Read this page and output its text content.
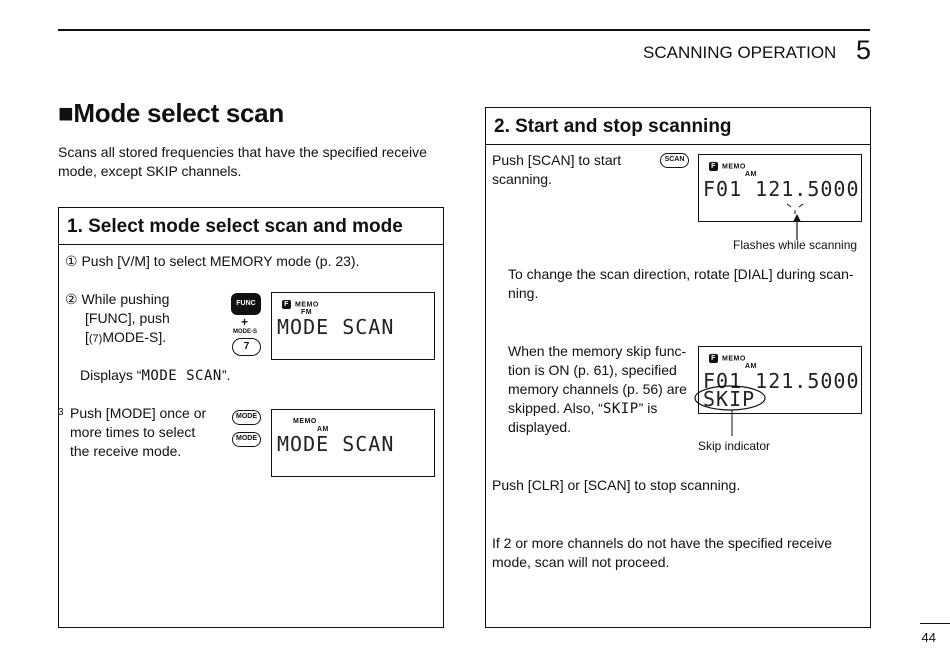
SCANNING OPERATION 5
■Mode select scan
Scans all stored frequencies that have the specified receive mode, except SKIP channels.
1. Select mode select scan and mode
① Push [V/M] to select MEMORY mode (p. 23).
② While pushing
[FUNC], push
[(7)MODE-S].
FUNC
+
MODE-S
7
F MEMO
FM
MODE SCAN
Displays “MODE SCAN”.
3 Push [MODE] once or
more times to select
the receive mode.
MODE
MODE
MEMO
AM
MODE SCAN
2. Start and stop scanning
Push [SCAN] to start
scanning.
SCAN
F MEMO
AM
F01 121.5000
Flashes while scanning
To change the scan direction, rotate [DIAL] during scan-
ning.
When the memory skip func-
tion is ON (p. 61), specified
memory channels (p. 56) are
skipped. Also, “SKIP” is
displayed.
F MEMO
AM
F01 121.5000
SKIP
Skip indicator
Push [CLR] or [SCAN] to stop scanning.
If 2 or more channels do not have the specified receive
mode, scan will not proceed.
44
